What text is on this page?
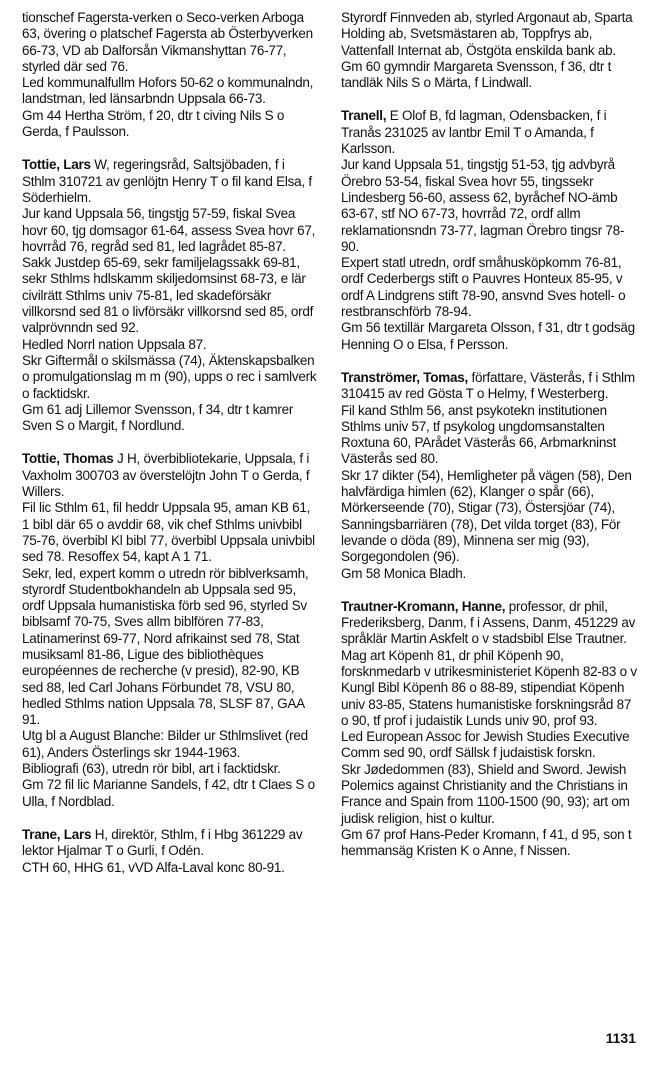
tionschef Fagersta-verken o Seco-verken Arboga 63, övering o platschef Fagersta ab Österbyverken 66-73, VD ab Dalforsån Vikmanshyttan 76-77, styrled där sed 76.

Led kommunalfullm Hofors 50-62 o kommunalndn, landstman, led länsarbndn Uppsala 66-73.

Gm 44 Hertha Ström, f 20, dtr t civing Nils S o Gerda, f Paulsson.

Tottie, Lars W, regeringsråd, Saltsjöbaden, f i Sthlm 310721 av genlöjtn Henry T o fil kand Elsa, f Söderhielm.

Jur kand Uppsala 56, tingstjg 57-59, fiskal Svea hovr 60, tjg domsagor 61-64, assess Svea hovr 67, hovrråd 76, regråd sed 81, led lagrådet 85-87.

Sakk Justdep 65-69, sekr familjelagssakk 69-81, sekr Sthlms hdlskamm skiljedomsinst 68-73, e lär civilrätt Sthlms univ 75-81, led skadeförsäkr villkorsnd sed 81 o livförsäkr villkorsnd sed 85, ordf valprövnndn sed 92.

Hedled Norrl nation Uppsala 87.

Skr Giftermål o skilsmässa (74), Äktenskapsbalken o promulgationslag m m (90), upps o rec i samlverk o facktidskr.

Gm 61 adj Lillemor Svensson, f 34, dtr t kamrer Sven S o Margit, f Nordlund.

Tottie, Thomas J H, överbibliotekarie, Uppsala, f i Vaxholm 300703 av överstelöjtn John T o Gerda, f Willers.

Fil lic Sthlm 61, fil heddr Uppsala 95, aman KB 61, 1 bibl där 65 o avddir 68, vik chef Sthlms univbibl 75-76, överbibl Kl bibl 77, överbibl Uppsala univbibl sed 78. Resoffex 54, kapt A 1 71.

Sekr, led, expert komm o utredn rör biblverksamh, styrordf Studentbokhandeln ab Uppsala sed 95, ordf Uppsala humanistiska förb sed 96, styrled Sv biblsamf 70-75, Sves allm biblfören 77-83, Latinamerinst 69-77, Nord afrikainst sed 78, Stat musiksaml 81-86, Ligue des bibliothèques européennes de recherche (v presid), 82-90, KB sed 88, led Carl Johans Förbundet 78, VSU 80, hedled Sthlms nation Uppsala 78, SLSF 87, GAA 91.

Utg bl a August Blanche: Bilder ur Sthlmslivet (red 61), Anders Österlings skr 1944-1963.

Bibliografi (63), utredn rör bibl, art i facktidskr.

Gm 72 fil lic Marianne Sandels, f 42, dtr t Claes S o Ulla, f Nordblad.

Trane, Lars H, direktör, Sthlm, f i Hbg 361229 av lektor Hjalmar T o Gurli, f Odén.

CTH 60, HHG 61, vVD Alfa-Laval konc 80-91.

Styrordf Finnveden ab, styrled Argonaut ab, Sparta Holding ab, Svetsmästaren ab, Toppfrys ab, Vattenfall Internat ab, Östgöta enskilda bank ab.

Gm 60 gymndir Margareta Svensson, f 36, dtr t tandläk Nils S o Märta, f Lindwall.

Tranell, E Olof B, fd lagman, Odensbacken, f i Tranås 231025 av lantbr Emil T o Amanda, f Karlsson.

Jur kand Uppsala 51, tingstjg 51-53, tjg advbyrå Örebro 53-54, fiskal Svea hovr 55, tingssekr Lindesberg 56-60, assess 62, byråchef NO-ämb 63-67, stf NO 67-73, hovrråd 72, ordf allm reklamationsndn 73-77, lagman Örebro tingsr 78-90.

Expert statl utredn, ordf småhusköpkomm 76-81, ordf Cederbergs stift o Pauvres Honteux 85-95, v ordf A Lindgrens stift 78-90, ansvnd Sves hotell- o restbranschförb 78-94.

Gm 56 textillär Margareta Olsson, f 31, dtr t godsäg Henning O o Elsa, f Persson.

Tranströmer, Tomas, författare, Västerås, f i Sthlm 310415 av red Gösta T o Helmy, f Westerberg.

Fil kand Sthlm 56, anst psykotekn institutionen Sthlms univ 57, tf psykolog ungdomsanstalten Roxtuna 60, PArådet Västerås 66, Arbmarkninst Västerås sed 80.

Skr 17 dikter (54), Hemligheter på vägen (58), Den halvfärdiga himlen (62), Klanger o spår (66), Mörkerseende (70), Stigar (73), Östersjöar (74), Sanningsbarriären (78), Det vilda torget (83), För levande o döda (89), Minnena ser mig (93), Sorgegondolen (96).

Gm 58 Monica Bladh.

Trautner-Kromann, Hanne, professor, dr phil, Frederiksberg, Danm, f i Assens, Danm, 451229 av språklär Martin Askfelt o v stadsbibl Else Trautner.

Mag art Köpenh 81, dr phil Köpenh 90, forsknmedarb v utrikesministeriet Köpenh 82-83 o v Kungl Bibl Köpenh 86 o 88-89, stipendiat Köpenh univ 83-85, Statens humanistiske forskningsråd 87 o 90, tf prof i judaistik Lunds univ 90, prof 93.

Led European Assoc for Jewish Studies Executive Comm sed 90, ordf Sällsk f judaistisk forskn.

Skr Jødedommen (83), Shield and Sword. Jewish Polemics against Christianity and the Christians in France and Spain from 1100-1500 (90, 93); art om judisk religion, hist o kultur.

Gm 67 prof Hans-Peder Kromann, f 41, d 95, son t hemmansäg Kristen K o Anne, f Nissen.

1131
